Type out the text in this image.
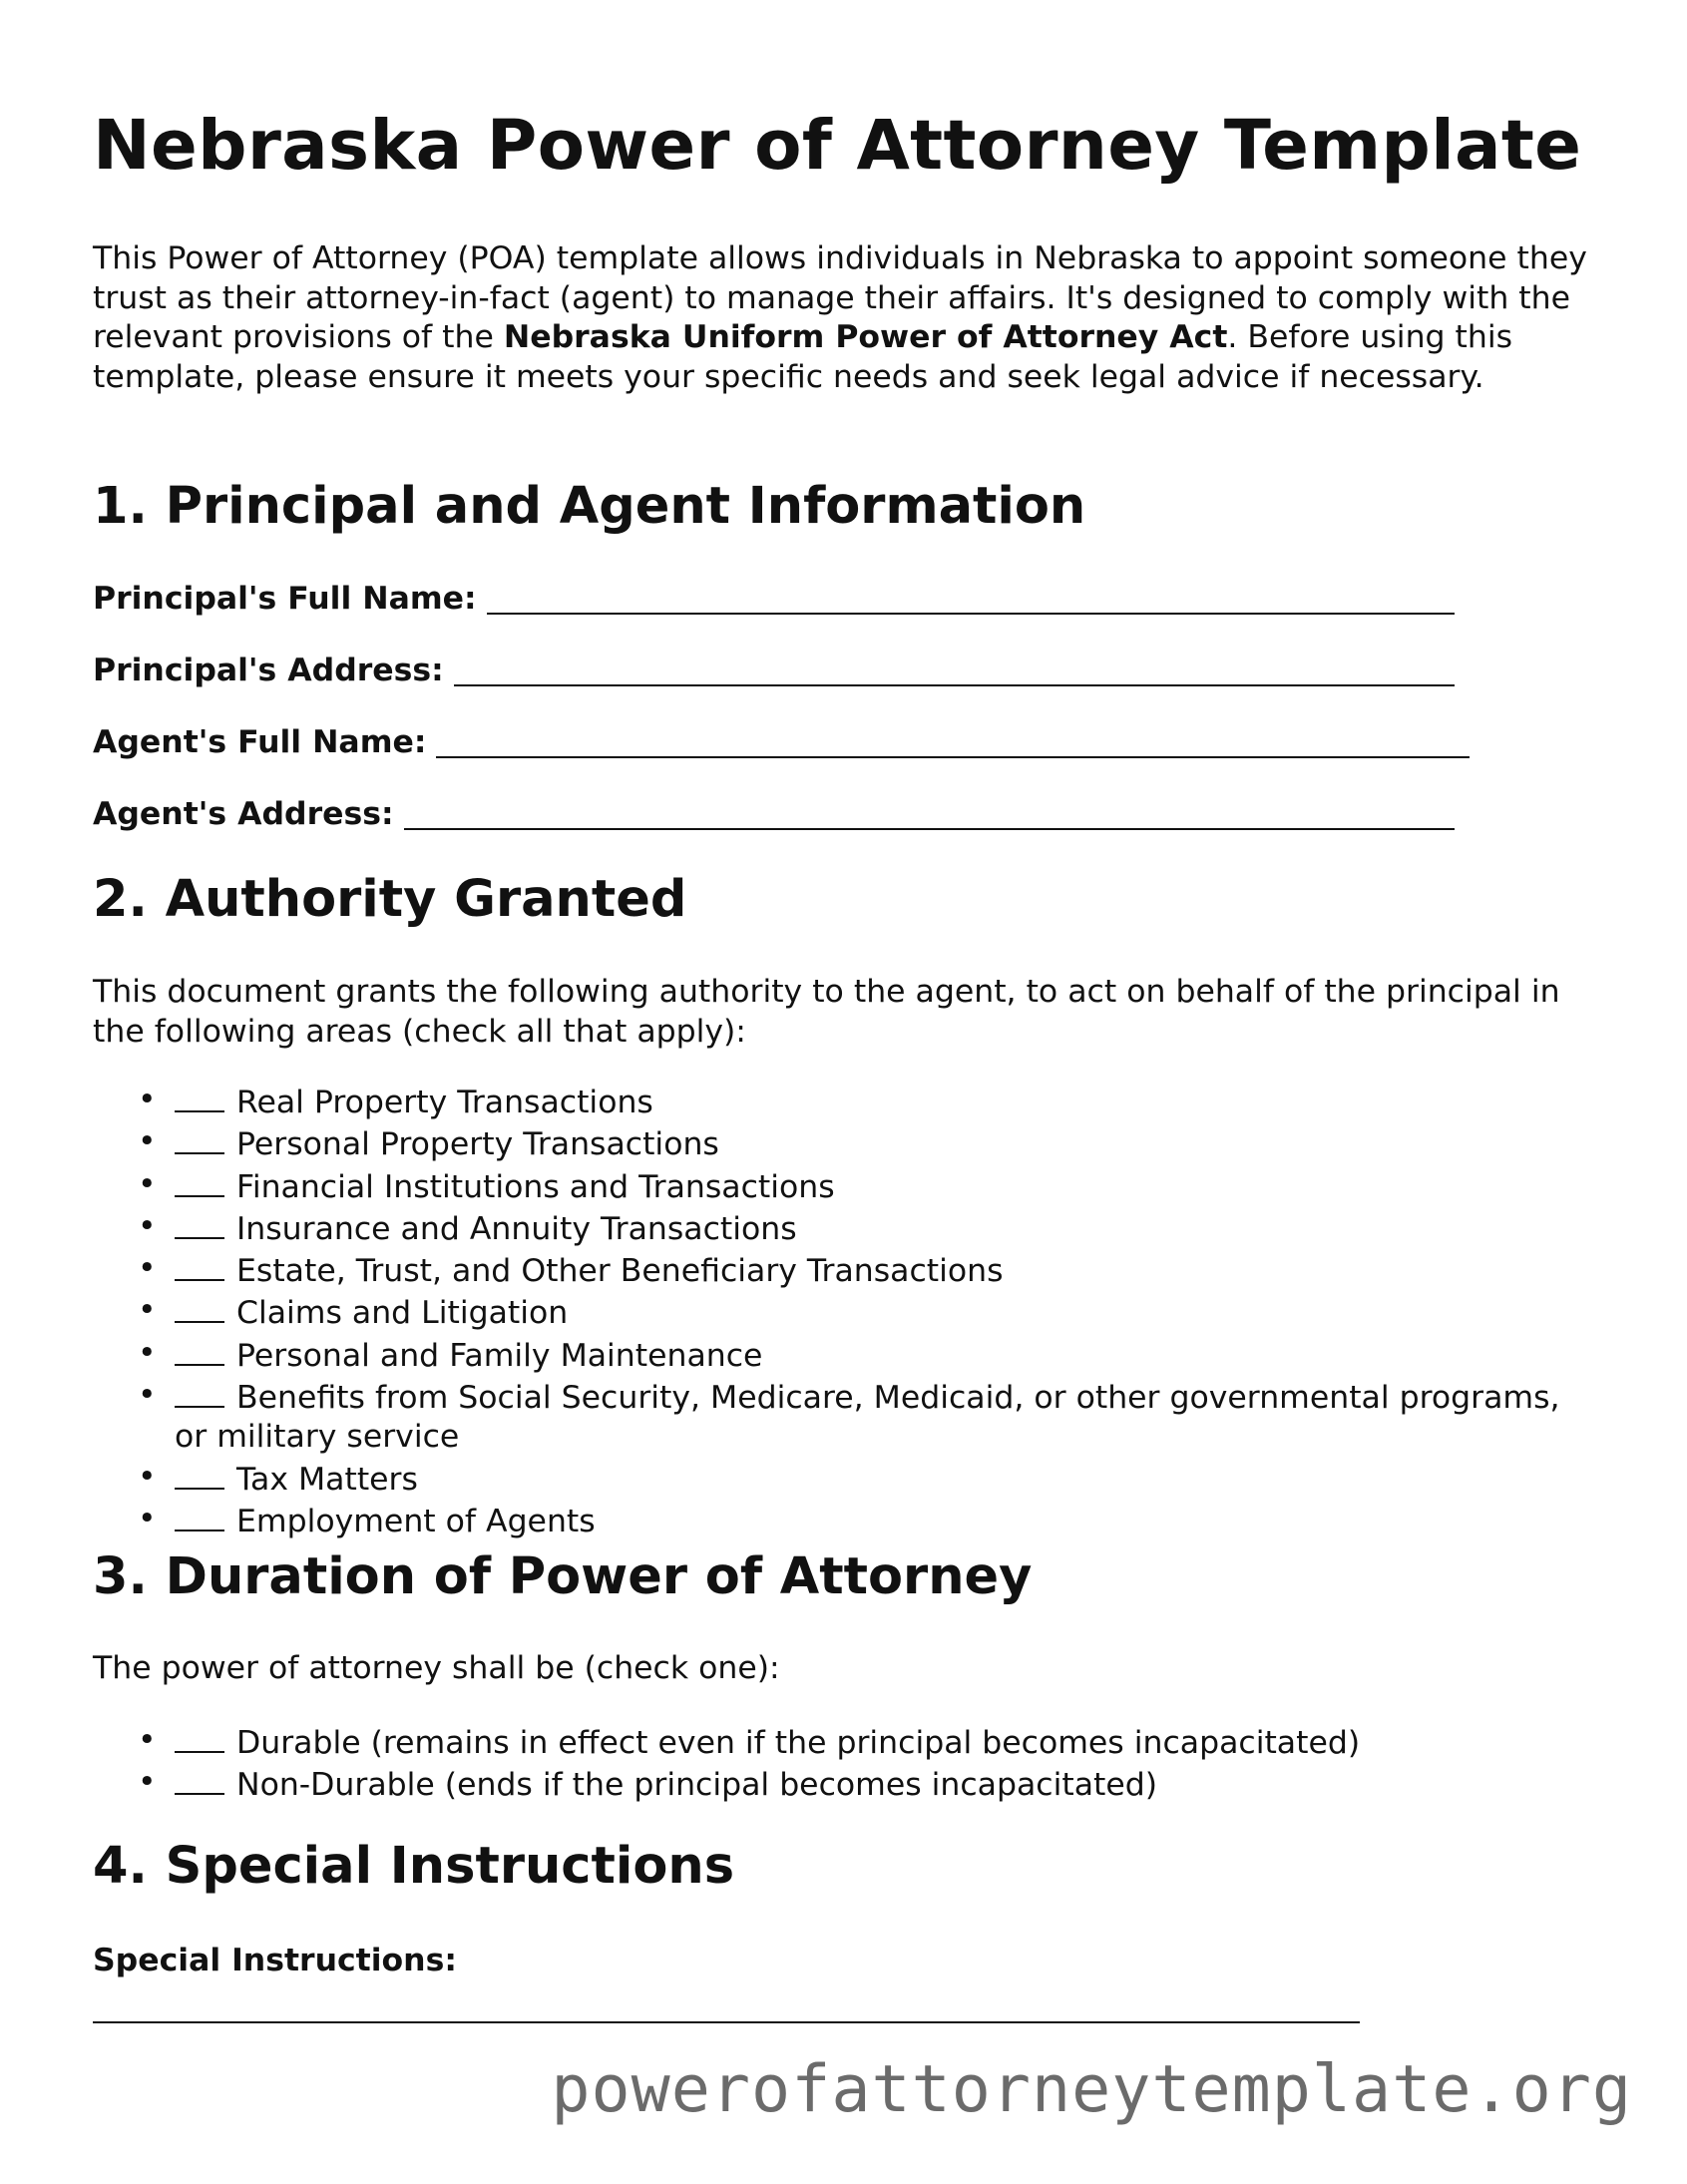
Nebraska Power of Attorney Template

This Power of Attorney (POA) template allows individuals in Nebraska to appoint someone they trust as their attorney-in-fact (agent) to manage their affairs. It's designed to comply with the relevant provisions of the Nebraska Uniform Power of Attorney Act. Before using this template, please ensure it meets your specific needs and seek legal advice if necessary.

1. Principal and Agent Information
Principal's Full Name:
Principal's Address:
Agent's Full Name:
Agent's Address:
2. Authority Granted

This document grants the following authority to the agent, to act on behalf of the principal in the following areas (check all that apply):

•	Real Property Transactions
•	Personal Property Transactions
•	Financial Institutions and Transactions
•	Insurance and Annuity Transactions
•	Estate, Trust, and Other Beneficiary Transactions
•	Claims and Litigation
•	Personal and Family Maintenance
•	Benefits from Social Security, Medicare, Medicaid, or other governmental programs, or military service
•	Tax Matters
•	Employment of Agents
3. Duration of Power of Attorney

The power of attorney shall be (check one):

•	Durable (remains in effect even if the principal becomes incapacitated)
•	Non-Durable (ends if the principal becomes incapacitated)
4. Special Instructions
Special Instructions:
powerofattorneytemplate.org
